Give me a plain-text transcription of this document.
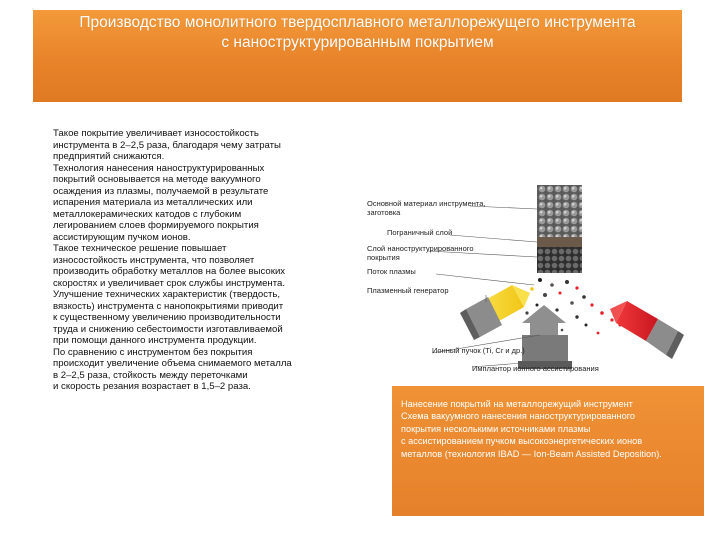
Производство монолитного твердосплавного металлорежущего инструмента
с наноструктурированным покрытием
Такое покрытие увеличивает износостойкость
инструмента в 2–2,5 раза, благодаря чему затраты
предприятий снижаются.
Технология нанесения наноструктурированных
покрытий основывается на методе вакуумного
осаждения из плазмы, получаемой в результате
испарения материала из металлических или
металлокерамических катодов с глубоким
легированием слоев формируемого покрытия
ассистирующим пучком ионов.
Такое техническое решение повышает
износостойкость инструмента, что позволяет
производить обработку металлов на более высоких
скоростях и увеличивает срок службы инструмента.
Улучшение технических характеристик (твердость,
вязкость) инструмента с нанопокрытиями приводит
к существенному увеличению производительности
труда и снижению себестоимости изготавливаемой
при помощи данного инструмента продукции.
По сравнению с инструментом без покрытия
происходит увеличение объема снимаемого металла
в 2–2,5 раза, стойкость между переточками
и скорость резания возрастает в 1,5–2 раза.
Основной материал инструмента,
заготовка
Пограничный слой
Слой наноструктурированного
покрытия
Поток плазмы
Плазменный генератор
Ионный пучок (Ti, Cr и др.)
Имплантор ионного ассистирования
Нанесение покрытий на металлорежущий инструмент
Схема вакуумного нанесения наноструктурированного
покрытия несколькими источниками плазмы
с ассистированием пучком высокоэнергетических ионов
металлов (технология IBAD — Ion-Beam Assisted Deposition).
